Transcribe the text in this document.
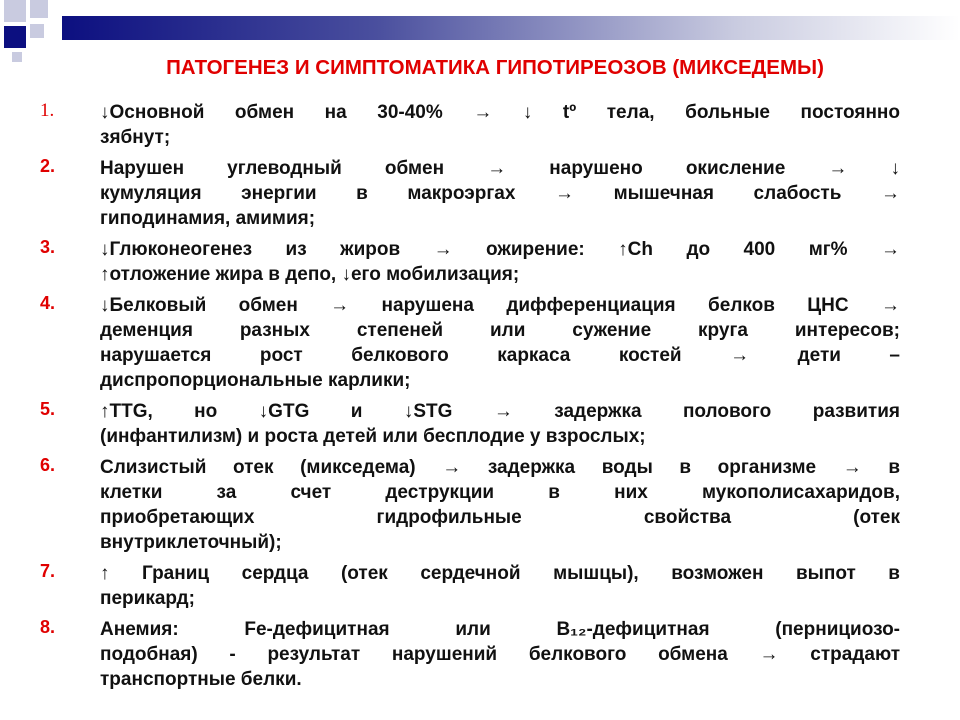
ПАТОГЕНЕЗ И СИМПТОМАТИКА ГИПОТИРЕОЗОВ (МИКСЕДЕМЫ)
1. ↓Основной обмен на 30-40% → ↓ tº тела, больные постоянно
зябнут;
2. Нарушен углеводный обмен → нарушено окисление → ↓
кумуляция энергии в макроэргах → мышечная слабость →
гиподинамия, амимия;
3. ↓Глюконеогенез из жиров → ожирение: ↑Ch до 400 мг% →
↑отложение жира в депо, ↓его мобилизация;
4. ↓Белковый обмен → нарушена дифференциация белков ЦНС →
деменция разных степеней или сужение круга интересов;
нарушается рост белкового каркаса костей → дети –
диспропорциональные карлики;
5. ↑TTG, но ↓GTG и ↓STG → задержка полового развития
(инфантилизм) и роста детей или бесплодие у взрослых;
6. Слизистый отек (микседема) → задержка воды в организме → в
клетки за счет деструкции в них мукополисахаридов,
приобретающих гидрофильные свойства (отек
внутриклеточный);
7. ↑ Границ сердца (отек сердечной мышцы), возможен выпот в
перикард;
8. Анемия: Fe-дефицитная или B₁₂-дефицитная (пернициозо-
подобная) - результат нарушений белкового обмена → страдают
транспортные белки.
